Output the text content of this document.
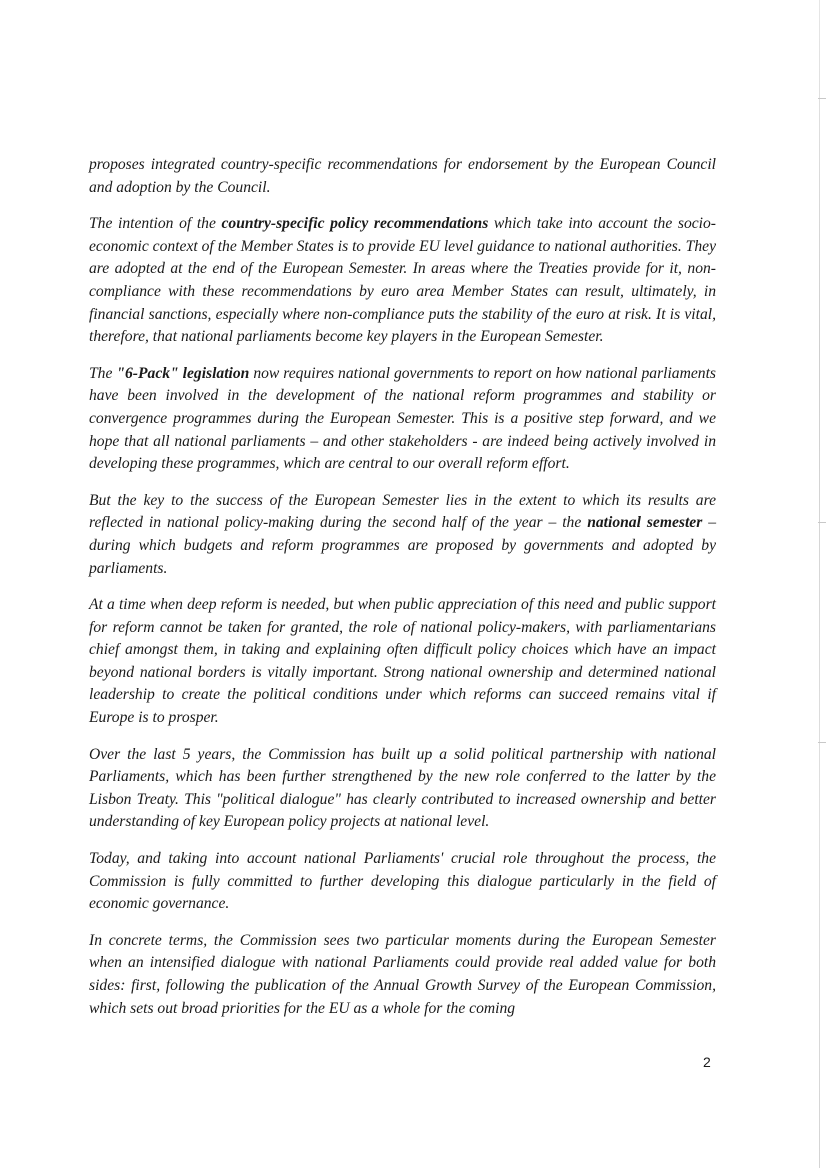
proposes integrated country-specific recommendations for endorsement by the European Council and adoption by the Council.

The intention of the country-specific policy recommendations which take into account the socio-economic context of the Member States is to provide EU level guidance to national authorities. They are adopted at the end of the European Semester. In areas where the Treaties provide for it, non-compliance with these recommendations by euro area Member States can result, ultimately, in financial sanctions, especially where non-compliance puts the stability of the euro at risk. It is vital, therefore, that national parliaments become key players in the European Semester.

The "6-Pack" legislation now requires national governments to report on how national parliaments have been involved in the development of the national reform programmes and stability or convergence programmes during the European Semester. This is a positive step forward, and we hope that all national parliaments – and other stakeholders - are indeed being actively involved in developing these programmes, which are central to our overall reform effort.

But the key to the success of the European Semester lies in the extent to which its results are reflected in national policy-making during the second half of the year – the national semester – during which budgets and reform programmes are proposed by governments and adopted by parliaments.

At a time when deep reform is needed, but when public appreciation of this need and public support for reform cannot be taken for granted, the role of national policy-makers, with parliamentarians chief amongst them, in taking and explaining often difficult policy choices which have an impact beyond national borders is vitally important. Strong national ownership and determined national leadership to create the political conditions under which reforms can succeed remains vital if Europe is to prosper.

Over the last 5 years, the Commission has built up a solid political partnership with national Parliaments, which has been further strengthened by the new role conferred to the latter by the Lisbon Treaty. This "political dialogue" has clearly contributed to increased ownership and better understanding of key European policy projects at national level.

Today, and taking into account national Parliaments' crucial role throughout the process, the Commission is fully committed to further developing this dialogue particularly in the field of economic governance.

In concrete terms, the Commission sees two particular moments during the European Semester when an intensified dialogue with national Parliaments could provide real added value for both sides: first, following the publication of the Annual Growth Survey of the European Commission, which sets out broad priorities for the EU as a whole for the coming

2
